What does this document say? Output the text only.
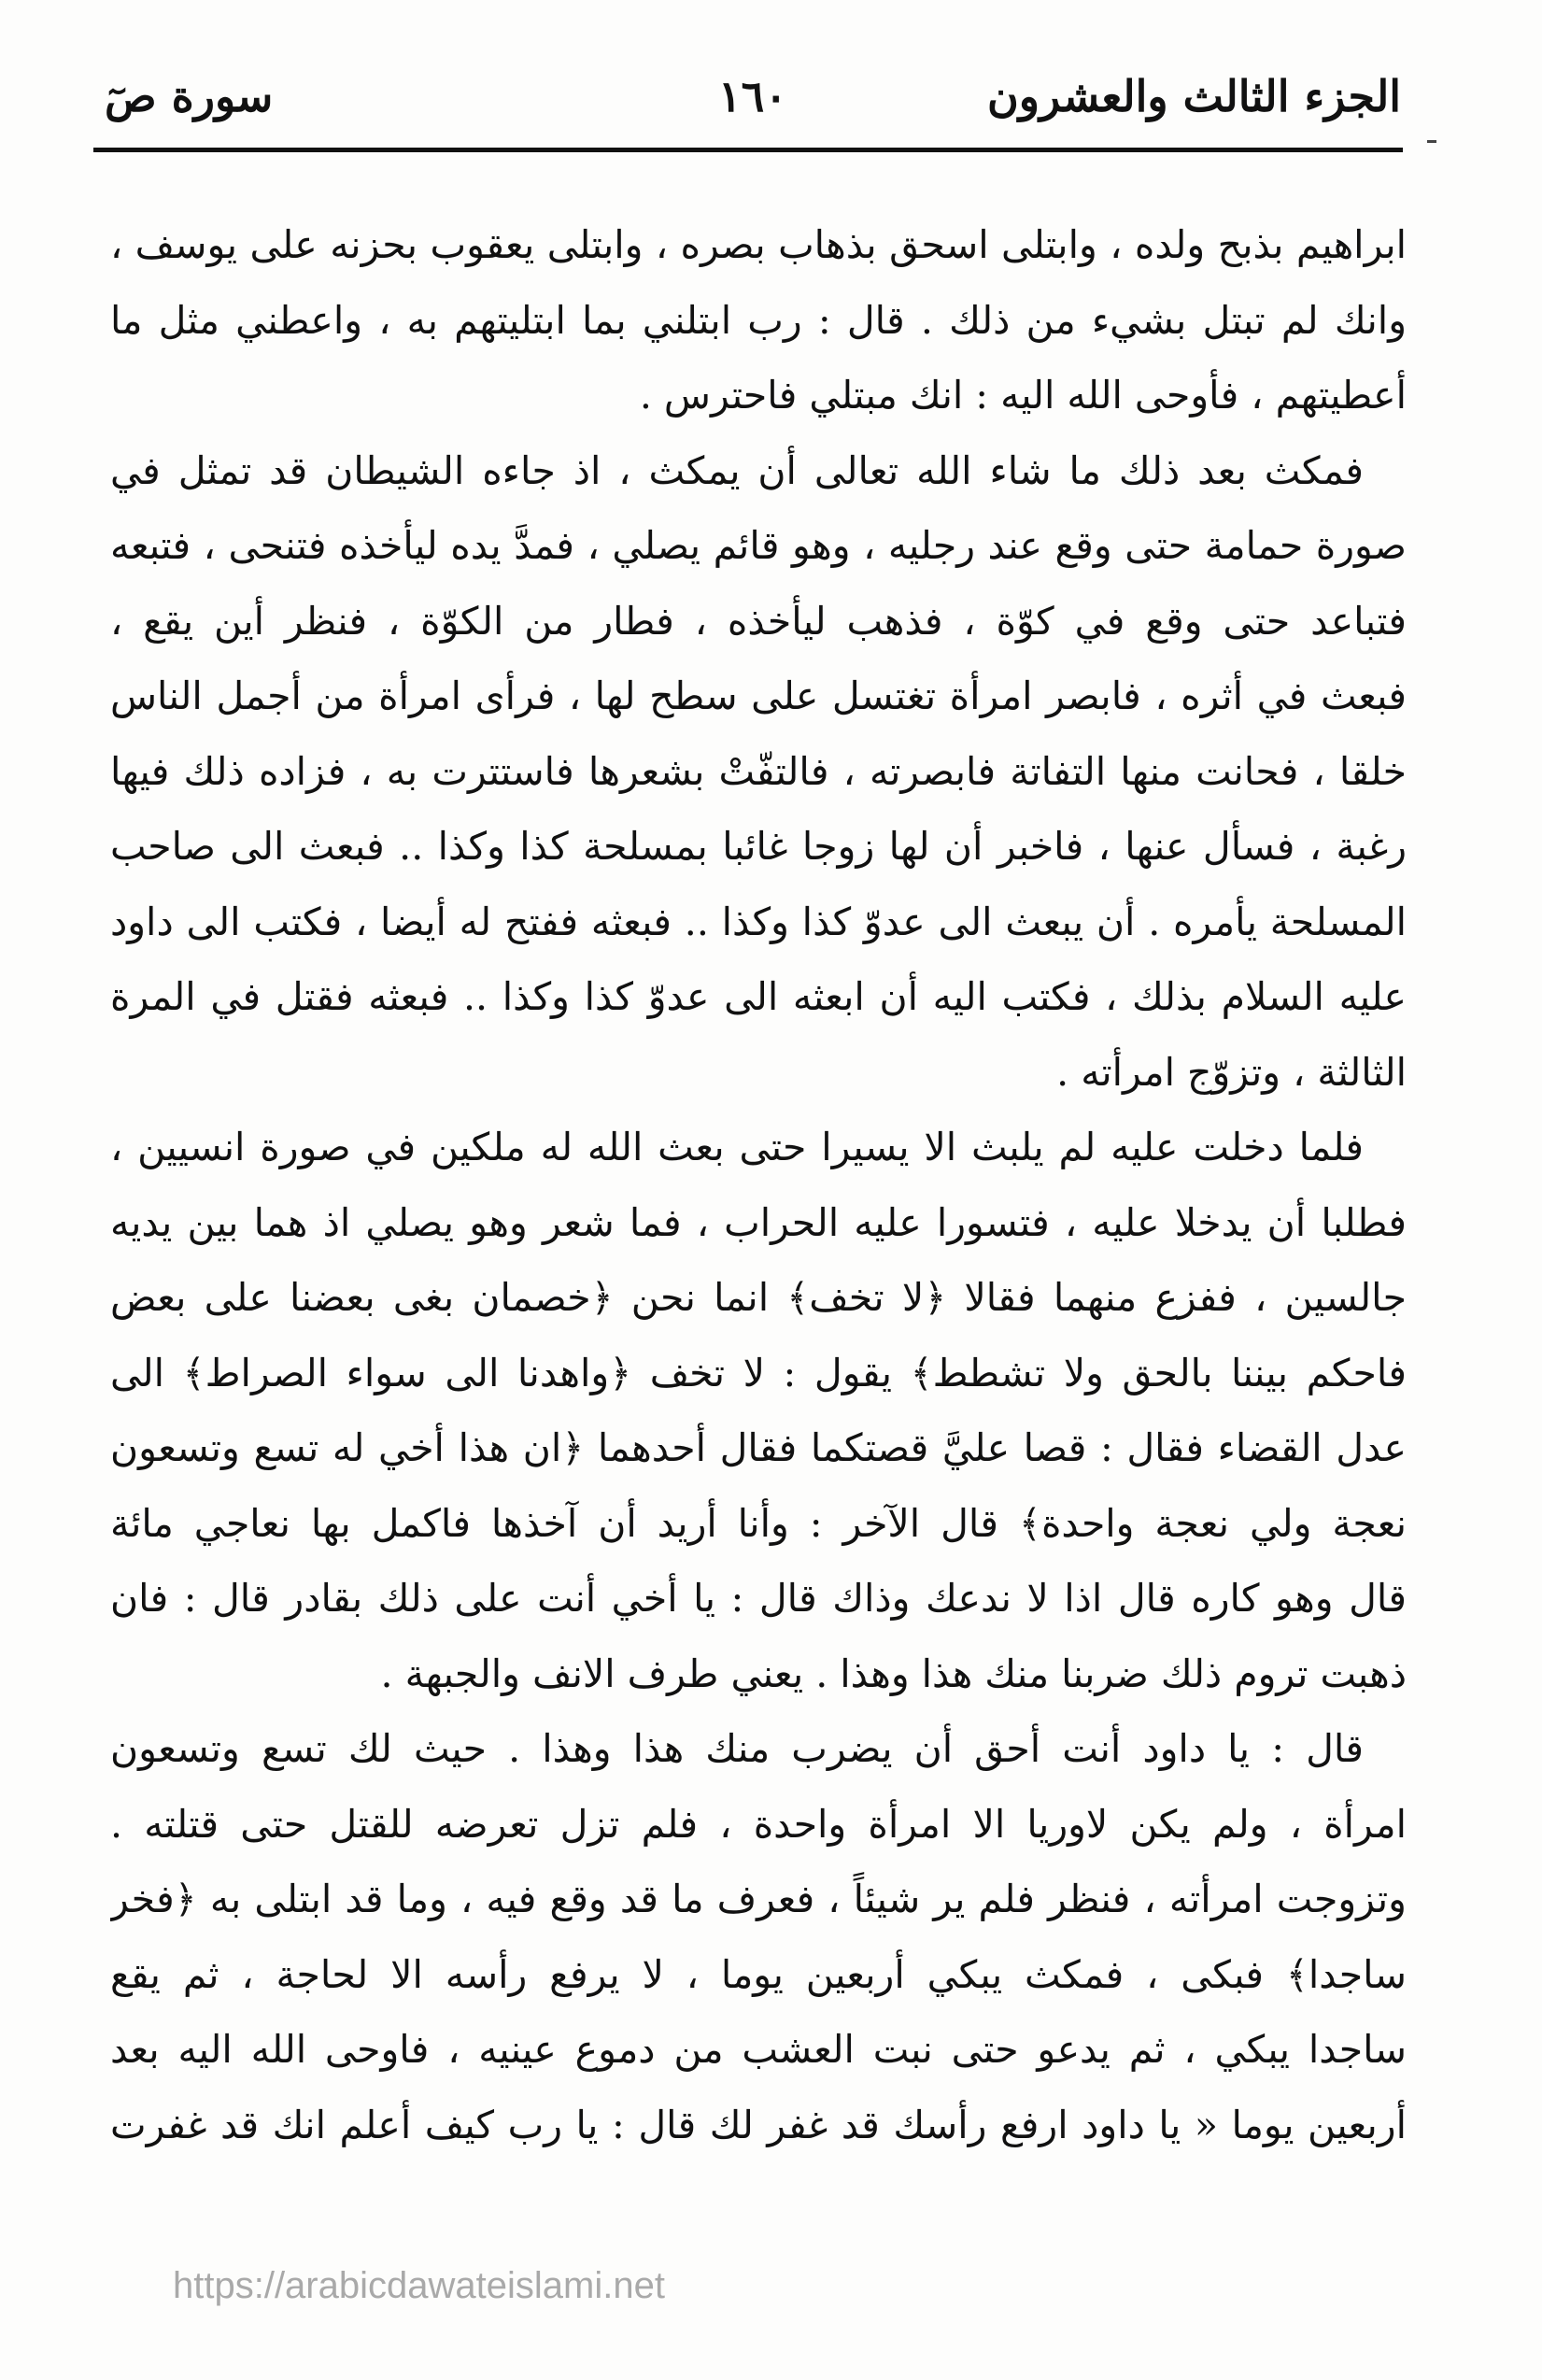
الجزء الثالث والعشرون
١٦٠
سورة صٓ
ابراهيم بذبح ولده ، وابتلى اسحق بذهاب بصره ، وابتلى يعقوب بحزنه على يوسف ،
وانك لم تبتل بشيء من ذلك . قال : رب ابتلني بما ابتليتهم به ، واعطني مثل ما
أعطيتهم ، فأوحى الله اليه : انك مبتلي فاحترس .
فمكث بعد ذلك ما شاء الله تعالى أن يمكث ، اذ جاءه الشيطان قد تمثل في
صورة حمامة حتى وقع عند رجليه ، وهو قائم يصلي ، فمدَّ يده ليأخذه فتنحى ، فتبعه
فتباعد حتى وقع في كوّة ، فذهب ليأخذه ، فطار من الكوّة ، فنظر أين يقع ،
فبعث في أثره ، فابصر امرأة تغتسل على سطح لها ، فرأى امرأة من أجمل الناس
خلقا ، فحانت منها التفاتة فابصرته ، فالتفّتْ بشعرها فاستترت به ، فزاده ذلك فيها
رغبة ، فسأل عنها ، فاخبر أن لها زوجا غائبا بمسلحة كذا وكذا .. فبعث الى صاحب
المسلحة يأمره . أن يبعث الى عدوّ كذا وكذا .. فبعثه ففتح له أيضا ، فكتب الى داود
عليه السلام بذلك ، فكتب اليه أن ابعثه الى عدوّ كذا وكذا .. فبعثه فقتل في المرة
الثالثة ، وتزوّج امرأته .
فلما دخلت عليه لم يلبث الا يسيرا حتى بعث الله له ملكين في صورة انسيين ،
فطلبا أن يدخلا عليه ، فتسورا عليه الحراب ، فما شعر وهو يصلي اذ هما بين يديه
جالسين ، ففزع منهما فقالا ﴿لا تخف﴾ انما نحن ﴿خصمان بغى بعضنا على بعض
فاحكم بيننا بالحق ولا تشطط﴾ يقول : لا تخف ﴿واهدنا الى سواء الصراط﴾ الى
عدل القضاء فقال : قصا عليَّ قصتكما فقال أحدهما ﴿ان هذا أخي له تسع وتسعون
نعجة ولي نعجة واحدة﴾ قال الآخر : وأنا أريد أن آخذها فاكمل بها نعاجي مائة
قال وهو كاره قال اذا لا ندعك وذاك قال : يا أخي أنت على ذلك بقادر قال : فان
ذهبت تروم ذلك ضربنا منك هذا وهذا . يعني طرف الانف والجبهة .
قال : يا داود أنت أحق أن يضرب منك هذا وهذا . حيث لك تسع وتسعون
امرأة ، ولم يكن لاوريا الا امرأة واحدة ، فلم تزل تعرضه للقتل حتى قتلته .
وتزوجت امرأته ، فنظر فلم ير شيئاً ، فعرف ما قد وقع فيه ، وما قد ابتلى به ﴿فخر
ساجدا﴾ فبكى ، فمكث يبكي أربعين يوما ، لا يرفع رأسه الا لحاجة ، ثم يقع
ساجدا يبكي ، ثم يدعو حتى نبت العشب من دموع عينيه ، فاوحى الله اليه بعد
أربعين يوما « يا داود ارفع رأسك قد غفر لك قال : يا رب كيف أعلم انك قد غفرت
https://arabicdawateislami.net
